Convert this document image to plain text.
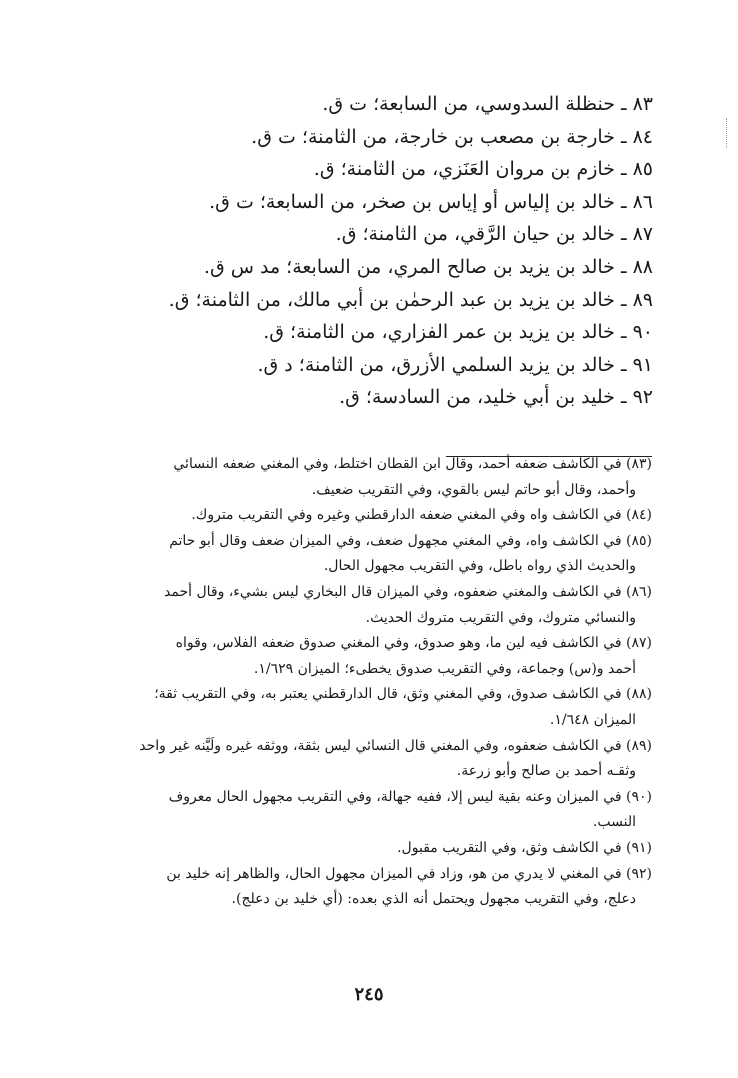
٨٣ ـ حنظلة السدوسي، من السابعة؛ ت ق.
٨٤ ـ خارجة بن مصعب بن خارجة، من الثامنة؛ ت ق.
٨٥ ـ خازم بن مروان العَنَزي، من الثامنة؛ ق.
٨٦ ـ خالد بن إلياس أو إياس بن صخر، من السابعة؛ ت ق.
٨٧ ـ خالد بن حيان الرَّقي، من الثامنة؛ ق.
٨٨ ـ خالد بن يزيد بن صالح المري، من السابعة؛ مد س ق.
٨٩ ـ خالد بن يزيد بن عبد الرحمٰن بن أبي مالك، من الثامنة؛ ق.
٩٠ ـ خالد بن يزيد بن عمر الفزاري، من الثامنة؛ ق.
٩١ ـ خالد بن يزيد السلمي الأزرق، من الثامنة؛ د ق.
٩٢ ـ خليد بن أبي خليد، من السادسة؛ ق.

(٨٣) في الكاشف ضعفه أحمد، وقال ابن القطان اختلط، وفي المغني ضعفه النسائي
وأحمد، وقال أبو حاتم ليس بالقوي، وفي التقريب ضعيف.

(٨٤) في الكاشف واه وفي المغني ضعفه الدارقطني وغيره وفي التقريب متروك.

(٨٥) في الكاشف واه، وفي المغني مجهول ضعف، وفي الميزان ضعف وقال أبو حاتم
والحديث الذي رواه باطل، وفي التقريب مجهول الحال.

(٨٦) في الكاشف والمغني ضعفوه، وفي الميزان قال البخاري ليس بشيء، وقال أحمد
والنسائي متروك، وفي التقريب متروك الحديث.

(٨٧) في الكاشف فيه لين ما، وهو صدوق، وفي المغني صدوق ضعفه الفلاس، وقواه
أحمد و(س) وجماعة، وفي التقريب صدوق يخطىء؛ الميزان ١/٦٢٩.

(٨٨) في الكاشف صدوق، وفي المغني وثق، قال الدارقطني يعتبر به، وفي التقريب ثقة؛
الميزان ١/٦٤٨.

(٨٩) في الكاشف ضعفوه، وفي المغني قال النسائي ليس بثقة، ووثقه غيره ولَيَّنه غير واحد
وثقـه أحمد بن صالح وأبو زرعة.

(٩٠) في الميزان وعنه بقية ليس إلا، ففيه جهالة، وفي التقريب مجهول الحال معروف
النسب.

(٩١) في الكاشف وثق، وفي التقريب مقبول.

(٩٢) في المغني لا يدري من هو، وزاد في الميزان مجهول الحال، والظاهر إنه خليد بن
دعلج، وفي التقريب مجهول ويحتمل أنه الذي بعده: (أي خليد بن دعلج).

٢٤٥
